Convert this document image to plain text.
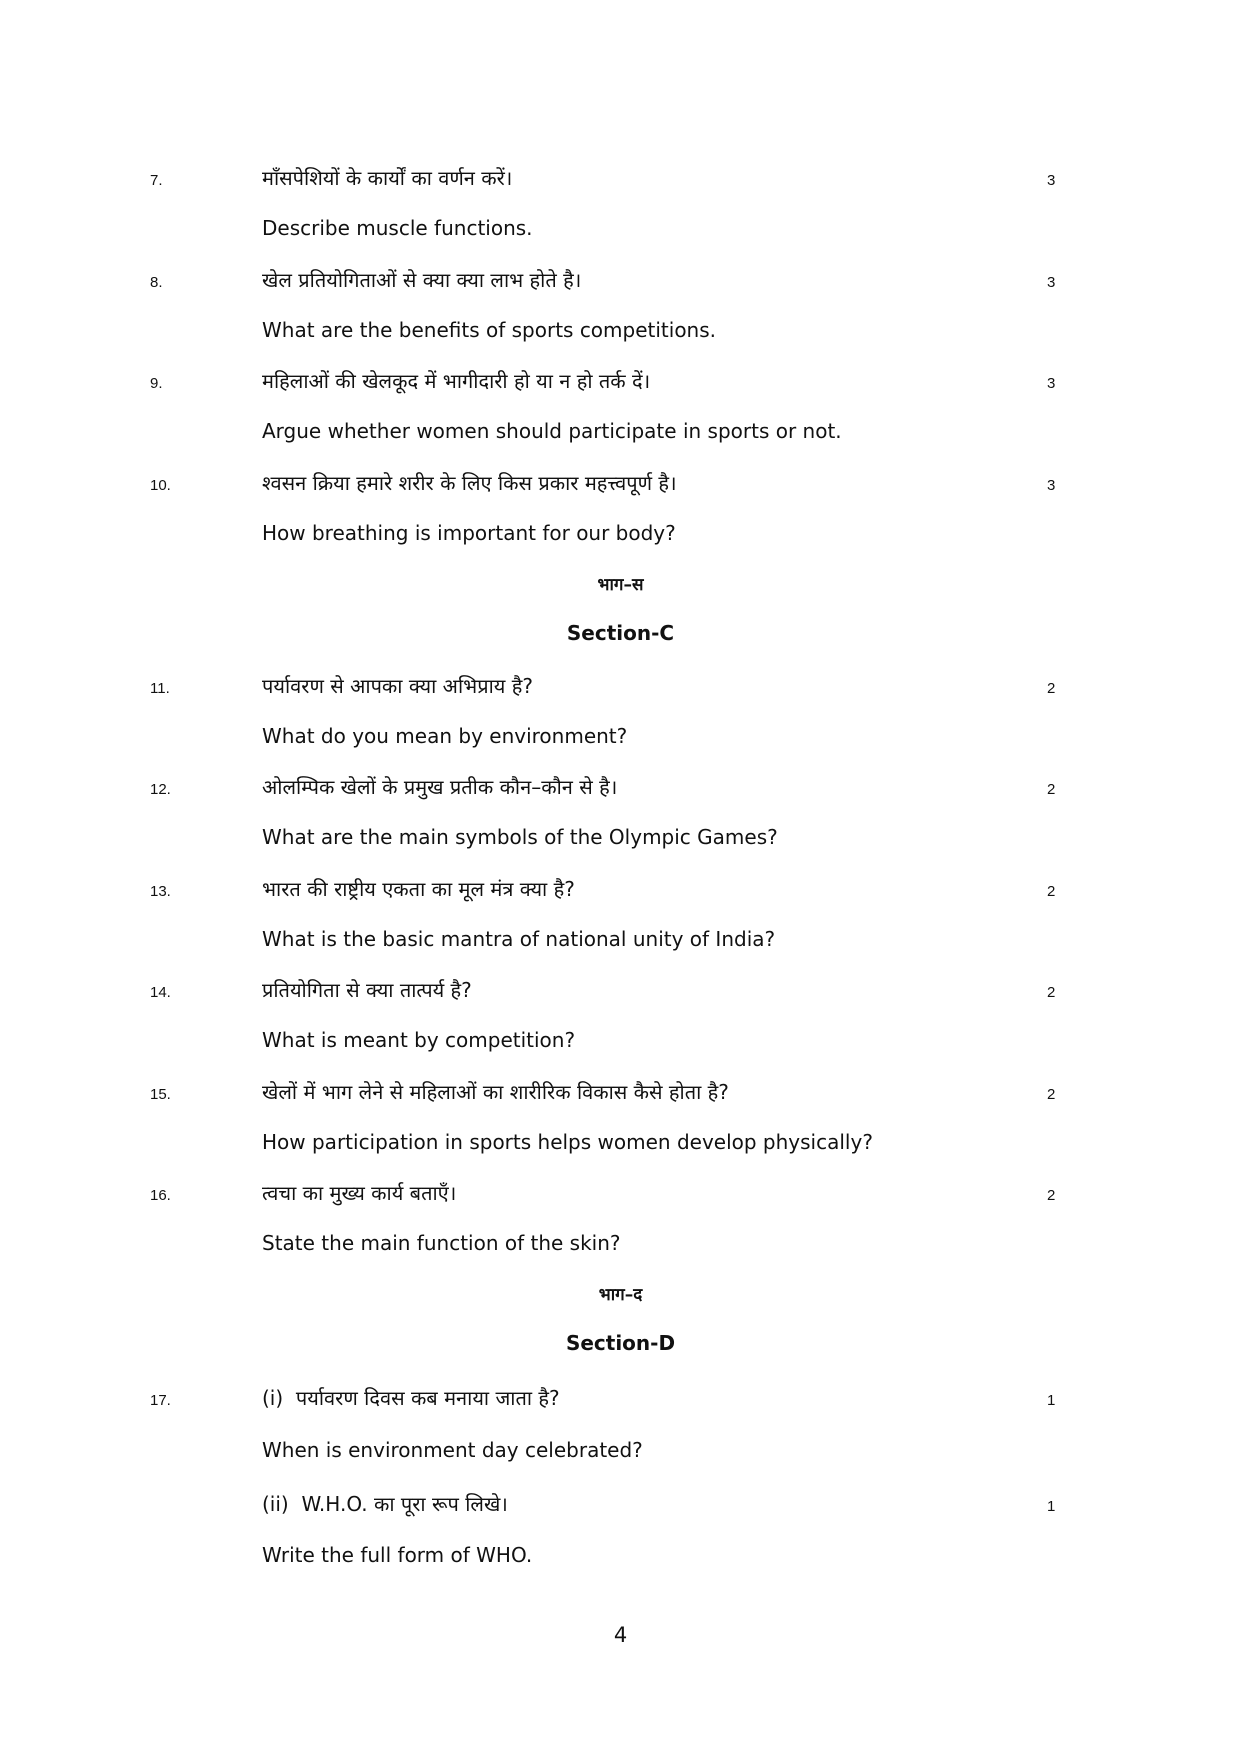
7.	माँसपेशियों के कार्यों का वर्णन करें।	3
Describe muscle functions.
8.	खेल प्रतियोगिताओं से क्या क्या लाभ होते है।	3
What are the benefits of sports competitions.
9.	महिलाओं की खेलकूद में भागीदारी हो या न हो तर्क दें।	3
Argue whether women should participate in sports or not.
10.	श्वसन क्रिया हमारे शरीर के लिए किस प्रकार महत्त्वपूर्ण है।	3
How breathing is important for our body?
भाग–स
Section-C
11.	पर्यावरण से आपका क्या अभिप्राय है?	2
What do you mean by environment?
12.	ओलम्पिक खेलों के प्रमुख प्रतीक कौन–कौन से है।	2
What are the main symbols of the Olympic Games?
13.	भारत की राष्ट्रीय एकता का मूल मंत्र क्या है?	2
What is the basic mantra of national unity of India?
14.	प्रतियोगिता से क्या तात्पर्य है?	2
What is meant by competition?
15.	खेलों में भाग लेने से महिलाओं का शारीरिक विकास कैसे होता है?	2
How participation in sports helps women develop physically?
16.	त्वचा का मुख्य कार्य बताएँ।	2
State the main function of the skin?
भाग–द
Section-D
17.	(i) पर्यावरण दिवस कब मनाया जाता है?	1
When is environment day celebrated?
(ii) W.H.O. का पूरा रूप लिखे।	1
Write the full form of WHO.
4
